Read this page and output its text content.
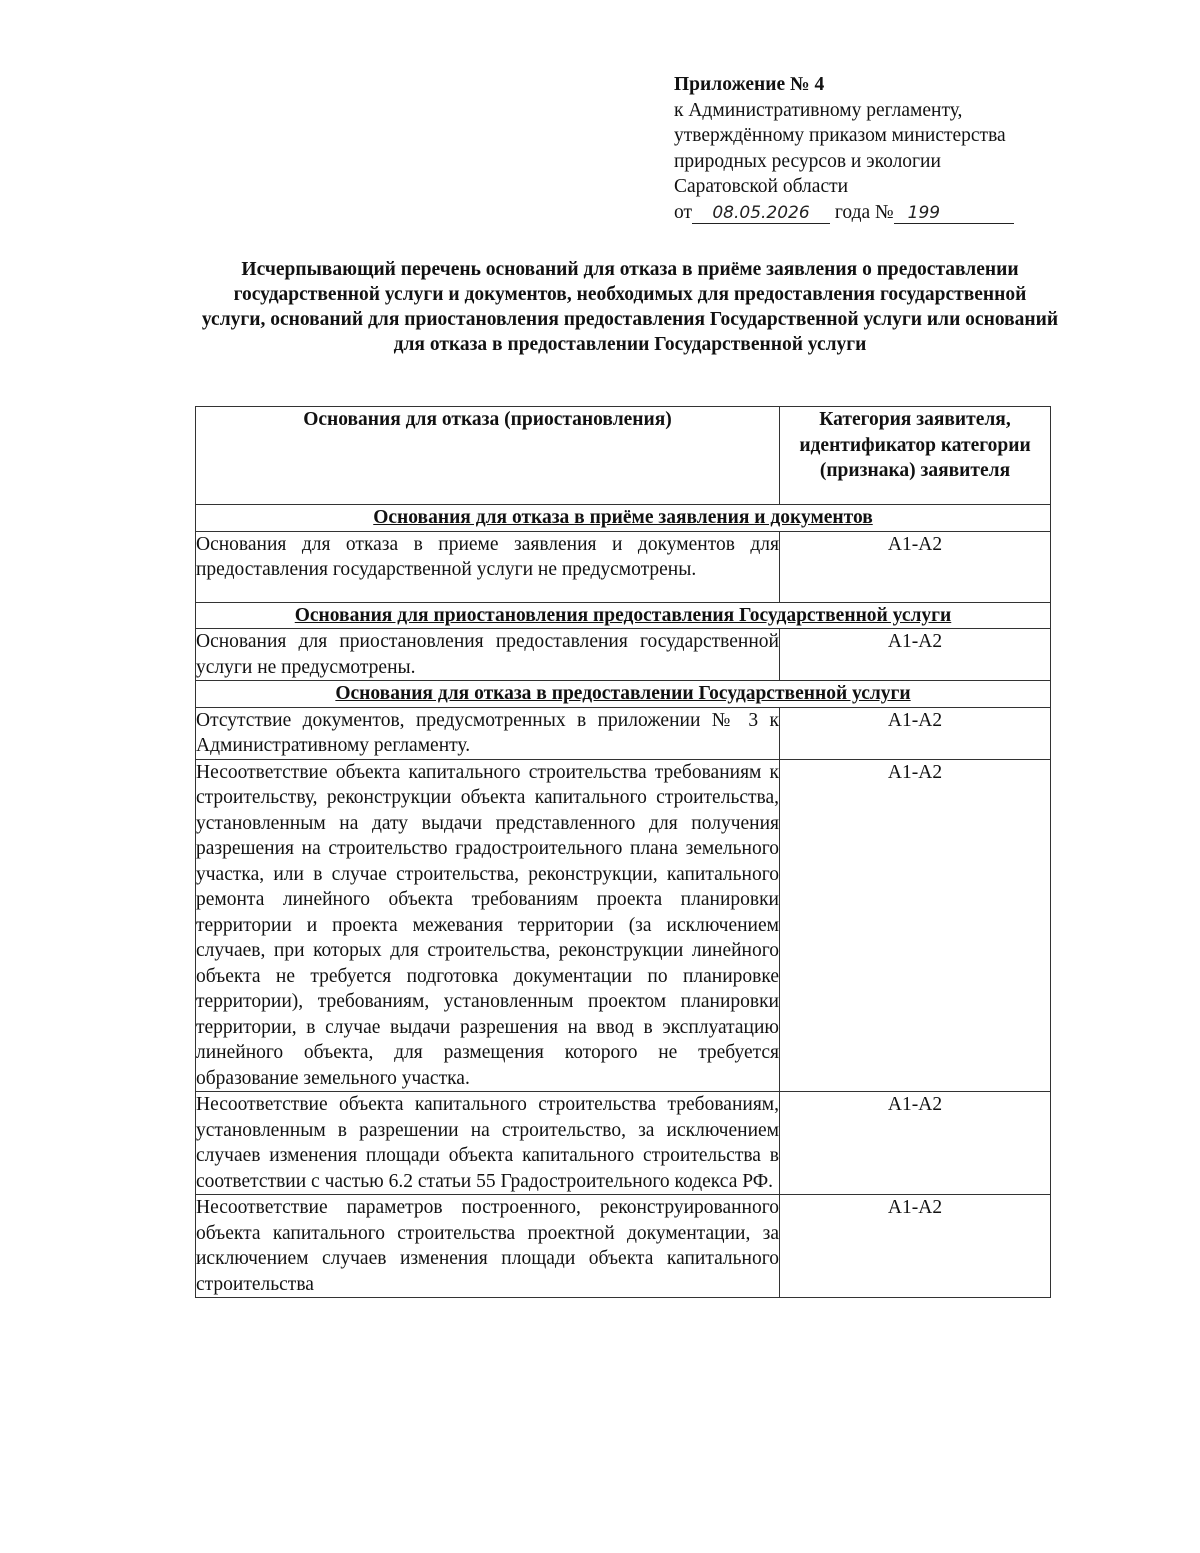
Приложение № 4
к Административному регламенту,
утверждённому приказом министерства
природных ресурсов и экологии
Саратовской области
от 08.05.2026 года № 199
Исчерпывающий перечень оснований для отказа в приёме заявления о предоставлении государственной услуги и документов, необходимых для предоставления государственной услуги, оснований для приостановления предоставления Государственной услуги или оснований для отказа в предоставлении Государственной услуги
Основания для отказа (приостановления)	Категория заявителя, идентификатор категории (признака) заявителя
Основания для отказа в приёме заявления и документов	
Основания для отказа в приеме заявления и документов для предоставления государственной услуги не предусмотрены.	А1-А2
Основания для приостановления предоставления Государственной услуги	
Основания для приостановления предоставления государственной услуги не предусмотрены.	А1-А2
Основания для отказа в предоставлении Государственной услуги	
Отсутствие документов, предусмотренных в приложении № 3 к Административному регламенту.	А1-А2
Несоответствие объекта капитального строительства требованиям к строительству, реконструкции объекта капитального строительства, установленным на дату выдачи представленного для получения разрешения на строительство градостроительного плана земельного участка, или в случае строительства, реконструкции, капитального ремонта линейного объекта требованиям проекта планировки территории и проекта межевания территории (за исключением случаев, при которых для строительства, реконструкции линейного объекта не требуется подготовка документации по планировке территории), требованиям, установленным проектом планировки территории, в случае выдачи разрешения на ввод в эксплуатацию линейного объекта, для размещения которого не требуется образование земельного участка.	А1-А2
Несоответствие объекта капитального строительства требованиям, установленным в разрешении на строительство, за исключением случаев изменения площади объекта капитального строительства в соответствии с частью 6.2 статьи 55 Градостроительного кодекса РФ.	А1-А2
Несоответствие параметров построенного, реконструированного объекта капитального строительства проектной документации, за исключением случаев изменения площади объекта капитального строительства	А1-А2
